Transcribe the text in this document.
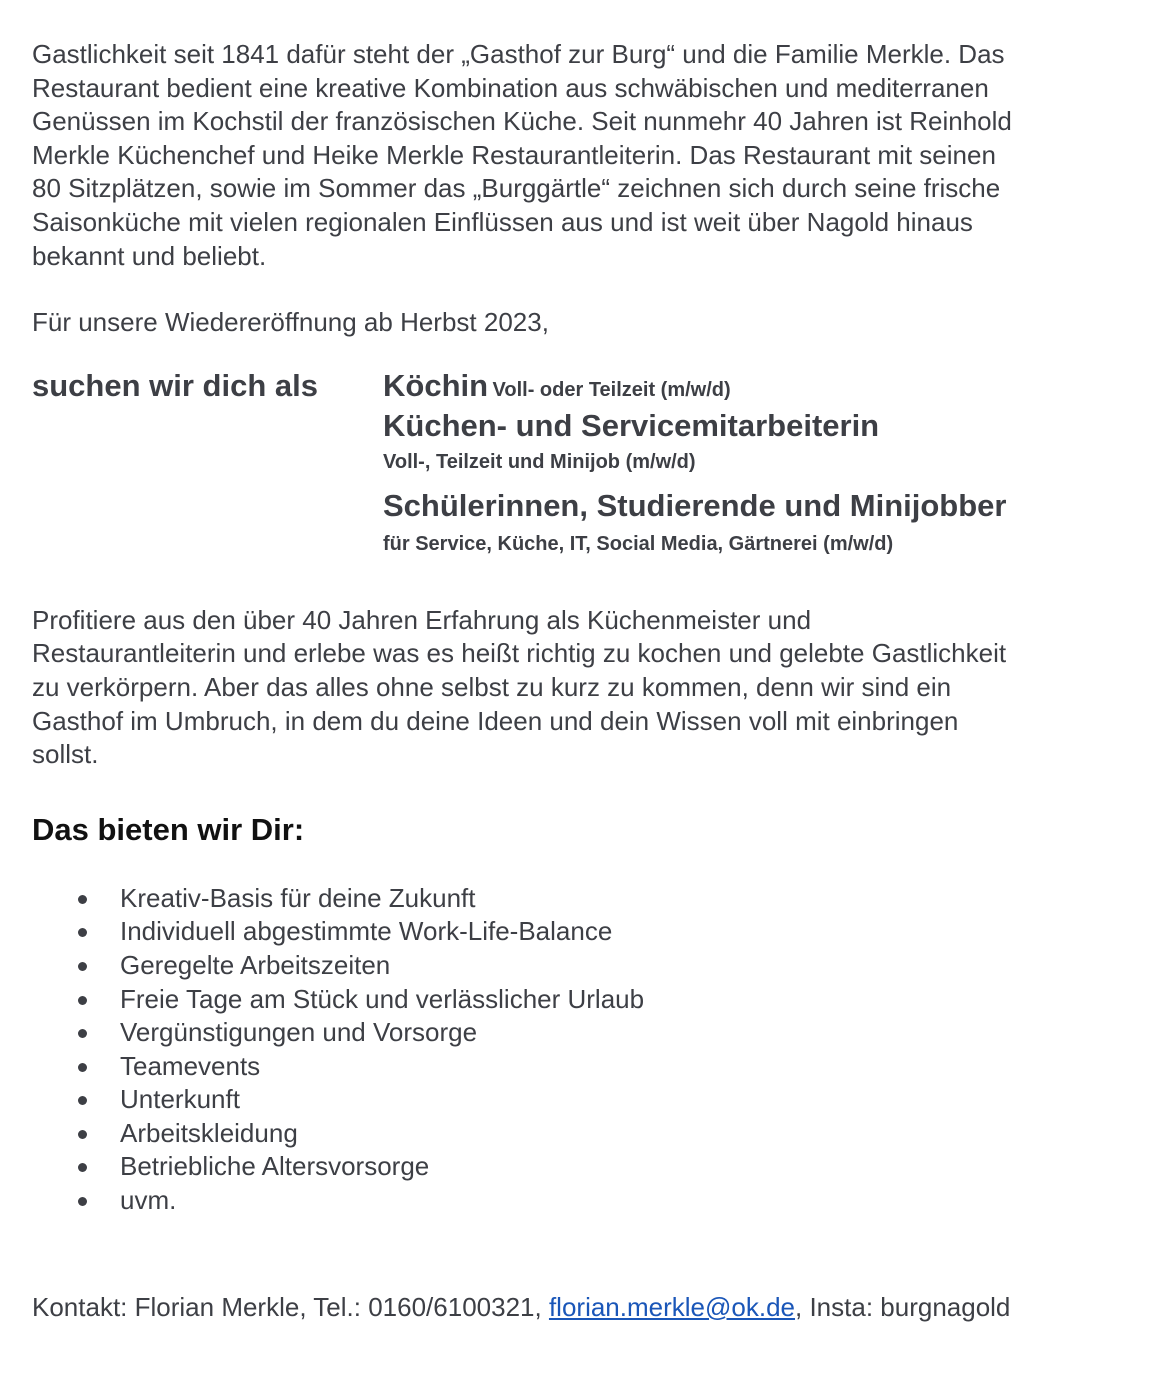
Gastlichkeit seit 1841 dafür steht der „Gasthof zur Burg“ und die Familie Merkle. Das
Restaurant bedient eine kreative Kombination aus schwäbischen und mediterranen
Genüssen im Kochstil der französischen Küche. Seit nunmehr 40 Jahren ist Reinhold
Merkle Küchenchef und Heike Merkle Restaurantleiterin. Das Restaurant mit seinen
80 Sitzplätzen, sowie im Sommer das „Burggärtle“ zeichnen sich durch seine frische
Saisonküche mit vielen regionalen Einflüssen aus und ist weit über Nagold hinaus
bekannt und beliebt.

Für unsere Wiedereröffnung ab Herbst 2023,

suchen wir dich als	Köchin Voll- oder Teilzeit (m/w/d)
Küchen- und Servicemitarbeiterin
Voll-, Teilzeit und Minijob (m/w/d)
Schülerinnen, Studierende und Minijobber
für Service, Küche, IT, Social Media, Gärtnerei (m/w/d)

Profitiere aus den über 40 Jahren Erfahrung als Küchenmeister und
Restaurantleiterin und erlebe was es heißt richtig zu kochen und gelebte Gastlichkeit
zu verkörpern. Aber das alles ohne selbst zu kurz zu kommen, denn wir sind ein
Gasthof im Umbruch, in dem du deine Ideen und dein Wissen voll mit einbringen
sollst.

Das bieten wir Dir:
Kreativ-Basis für deine Zukunft
Individuell abgestimmte Work-Life-Balance
Geregelte Arbeitszeiten
Freie Tage am Stück und verlässlicher Urlaub
Vergünstigungen und Vorsorge
Teamevents
Unterkunft
Arbeitskleidung
Betriebliche Altersvorsorge
uvm.
Kontakt: Florian Merkle, Tel.: 0160/6100321, florian.merkle@ok.de, Insta: burgnagold
